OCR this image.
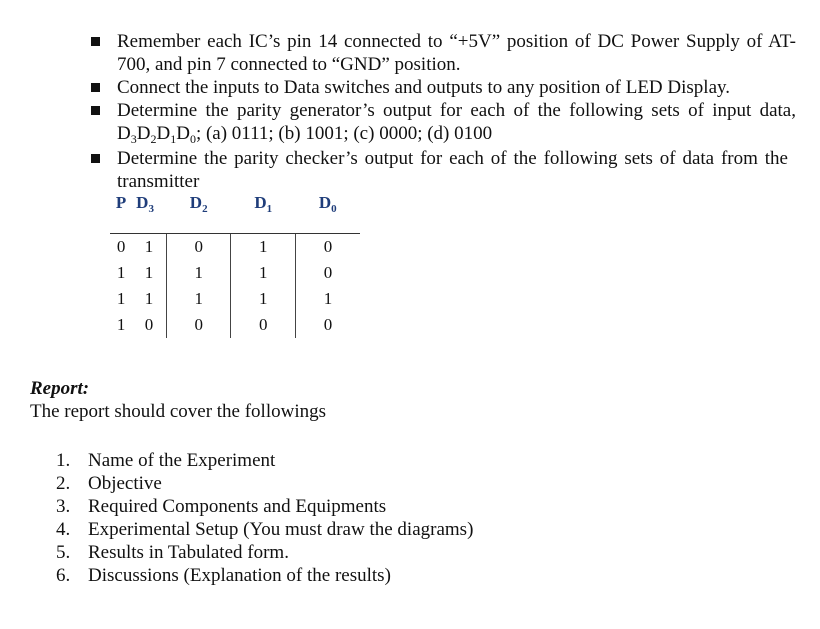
Remember each IC’s pin 14 connected to “+5V” position of DC Power Supply of AT-700, and pin 7 connected to “GND” position.
Connect the inputs to Data switches and outputs to any position of LED Display.
Determine the parity generator’s output for each of the following sets of input data, $D_3D_2D_1D_0$; (a) 0111; (b) 1001; (c) 0000; (d) 0100
Determine the parity checker’s output for each of the following sets of data from the transmitter
P	$D_3$	$D_2$	$D_1$	$D_0$

0	1	0	1	0
1	1	1	1	0
1	1	1	1	1
1	0	0	0	0
Report:
The report should cover the followings
1. Name of the Experiment
2. Objective
3. Required Components and Equipments
4. Experimental Setup (You must draw the diagrams)
5. Results in Tabulated form.
6. Discussions (Explanation of the results)
